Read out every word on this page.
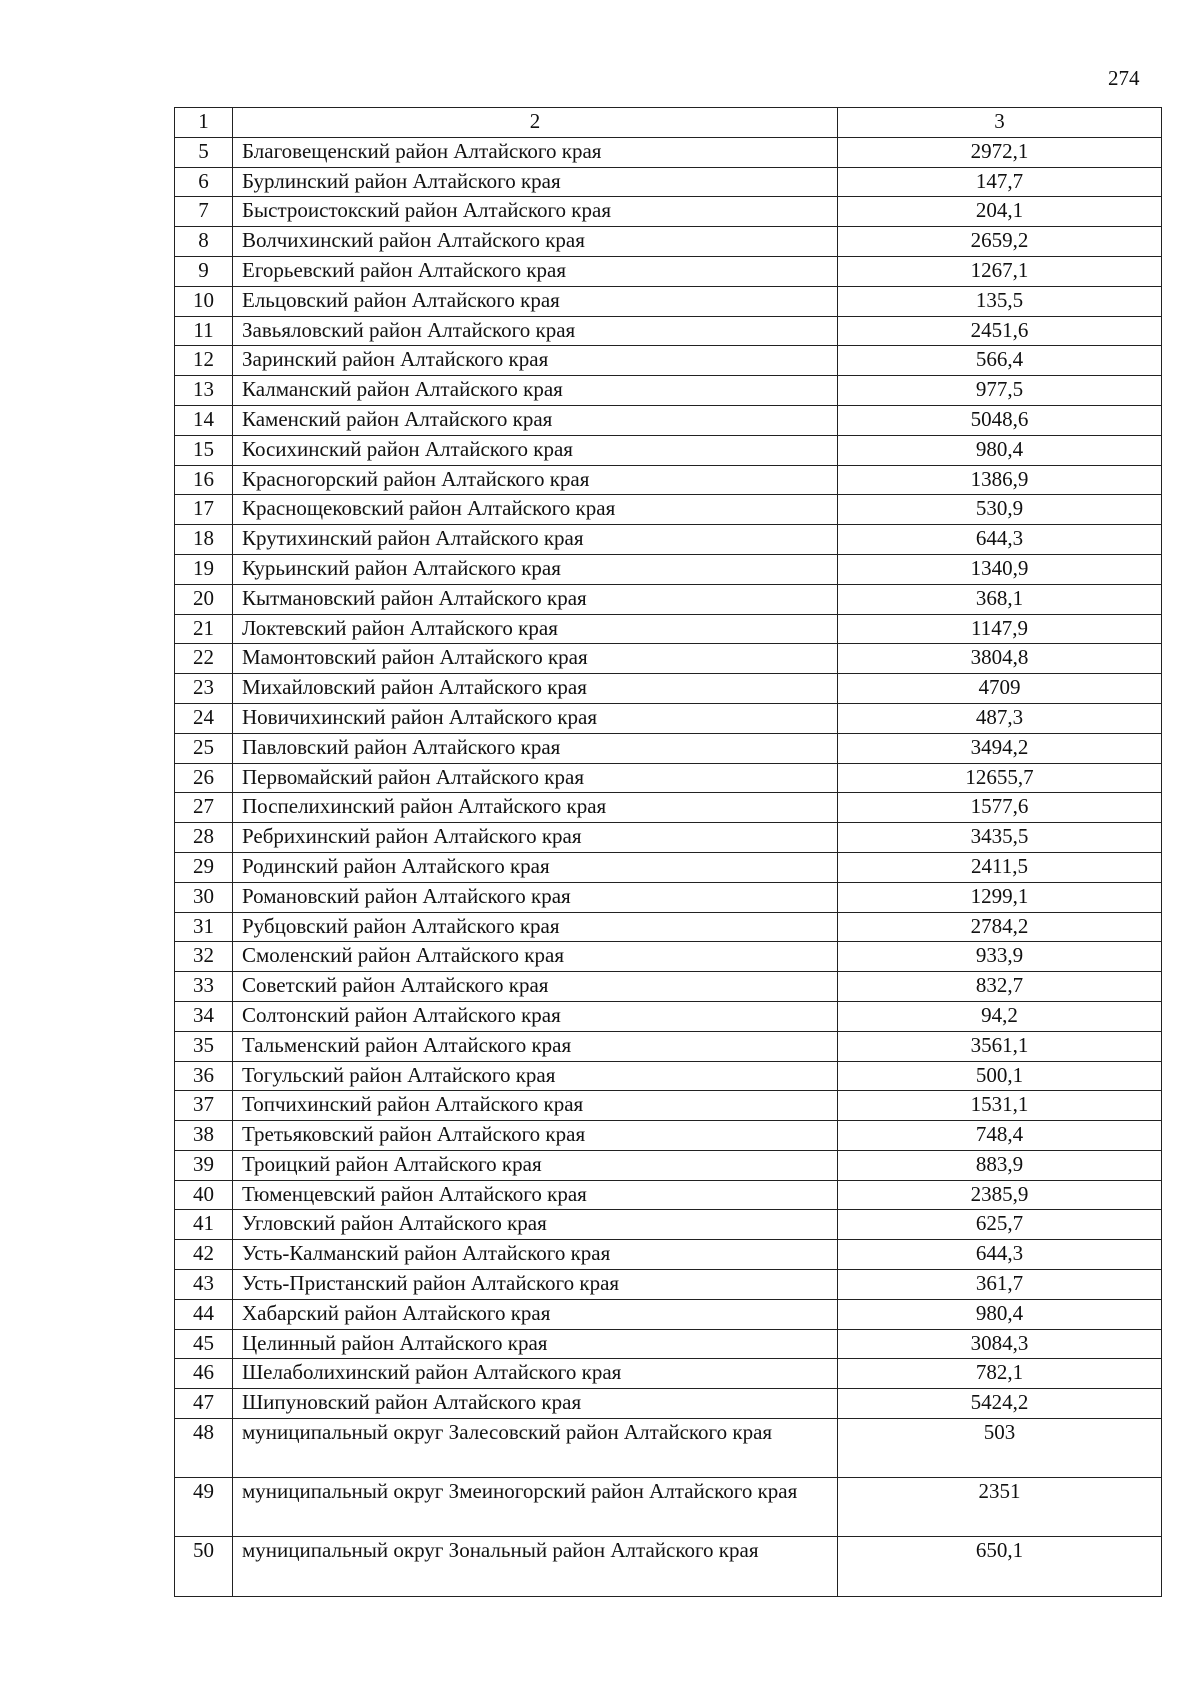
274
1	2	3
5	Благовещенский район Алтайского края	2972,1
6	Бурлинский район Алтайского края	147,7
7	Быстроистокский район Алтайского края	204,1
8	Волчихинский район Алтайского края	2659,2
9	Егорьевский район Алтайского края	1267,1
10	Ельцовский район Алтайского края	135,5
11	Завьяловский район Алтайского края	2451,6
12	Заринский район Алтайского края	566,4
13	Калманский район Алтайского края	977,5
14	Каменский район Алтайского края	5048,6
15	Косихинский район Алтайского края	980,4
16	Красногорский район Алтайского края	1386,9
17	Краснощековский район Алтайского края	530,9
18	Крутихинский район Алтайского края	644,3
19	Курьинский район Алтайского края	1340,9
20	Кытмановский район Алтайского края	368,1
21	Локтевский район Алтайского края	1147,9
22	Мамонтовский район Алтайского края	3804,8
23	Михайловский район Алтайского края	4709
24	Новичихинский район Алтайского края	487,3
25	Павловский район Алтайского края	3494,2
26	Первомайский район Алтайского края	12655,7
27	Поспелихинский район Алтайского края	1577,6
28	Ребрихинский район Алтайского края	3435,5
29	Родинский район Алтайского края	2411,5
30	Романовский район Алтайского края	1299,1
31	Рубцовский район Алтайского края	2784,2
32	Смоленский район Алтайского края	933,9
33	Советский район Алтайского края	832,7
34	Солтонский район Алтайского края	94,2
35	Тальменский район Алтайского края	3561,1
36	Тогульский район Алтайского края	500,1
37	Топчихинский район Алтайского края	1531,1
38	Третьяковский район Алтайского края	748,4
39	Троицкий район Алтайского края	883,9
40	Тюменцевский район Алтайского края	2385,9
41	Угловский район Алтайского края	625,7
42	Усть-Калманский район Алтайского края	644,3
43	Усть-Пристанский район Алтайского края	361,7
44	Хабарский район Алтайского края	980,4
45	Целинный район Алтайского края	3084,3
46	Шелаболихинский район Алтайского края	782,1
47	Шипуновский район Алтайского края	5424,2
48	муниципальный округ Залесовский район Алтайского края	503
49	муниципальный округ Змеиногорский район Алтайского края	2351
50	муниципальный округ Зональный район Алтайского края	650,1
